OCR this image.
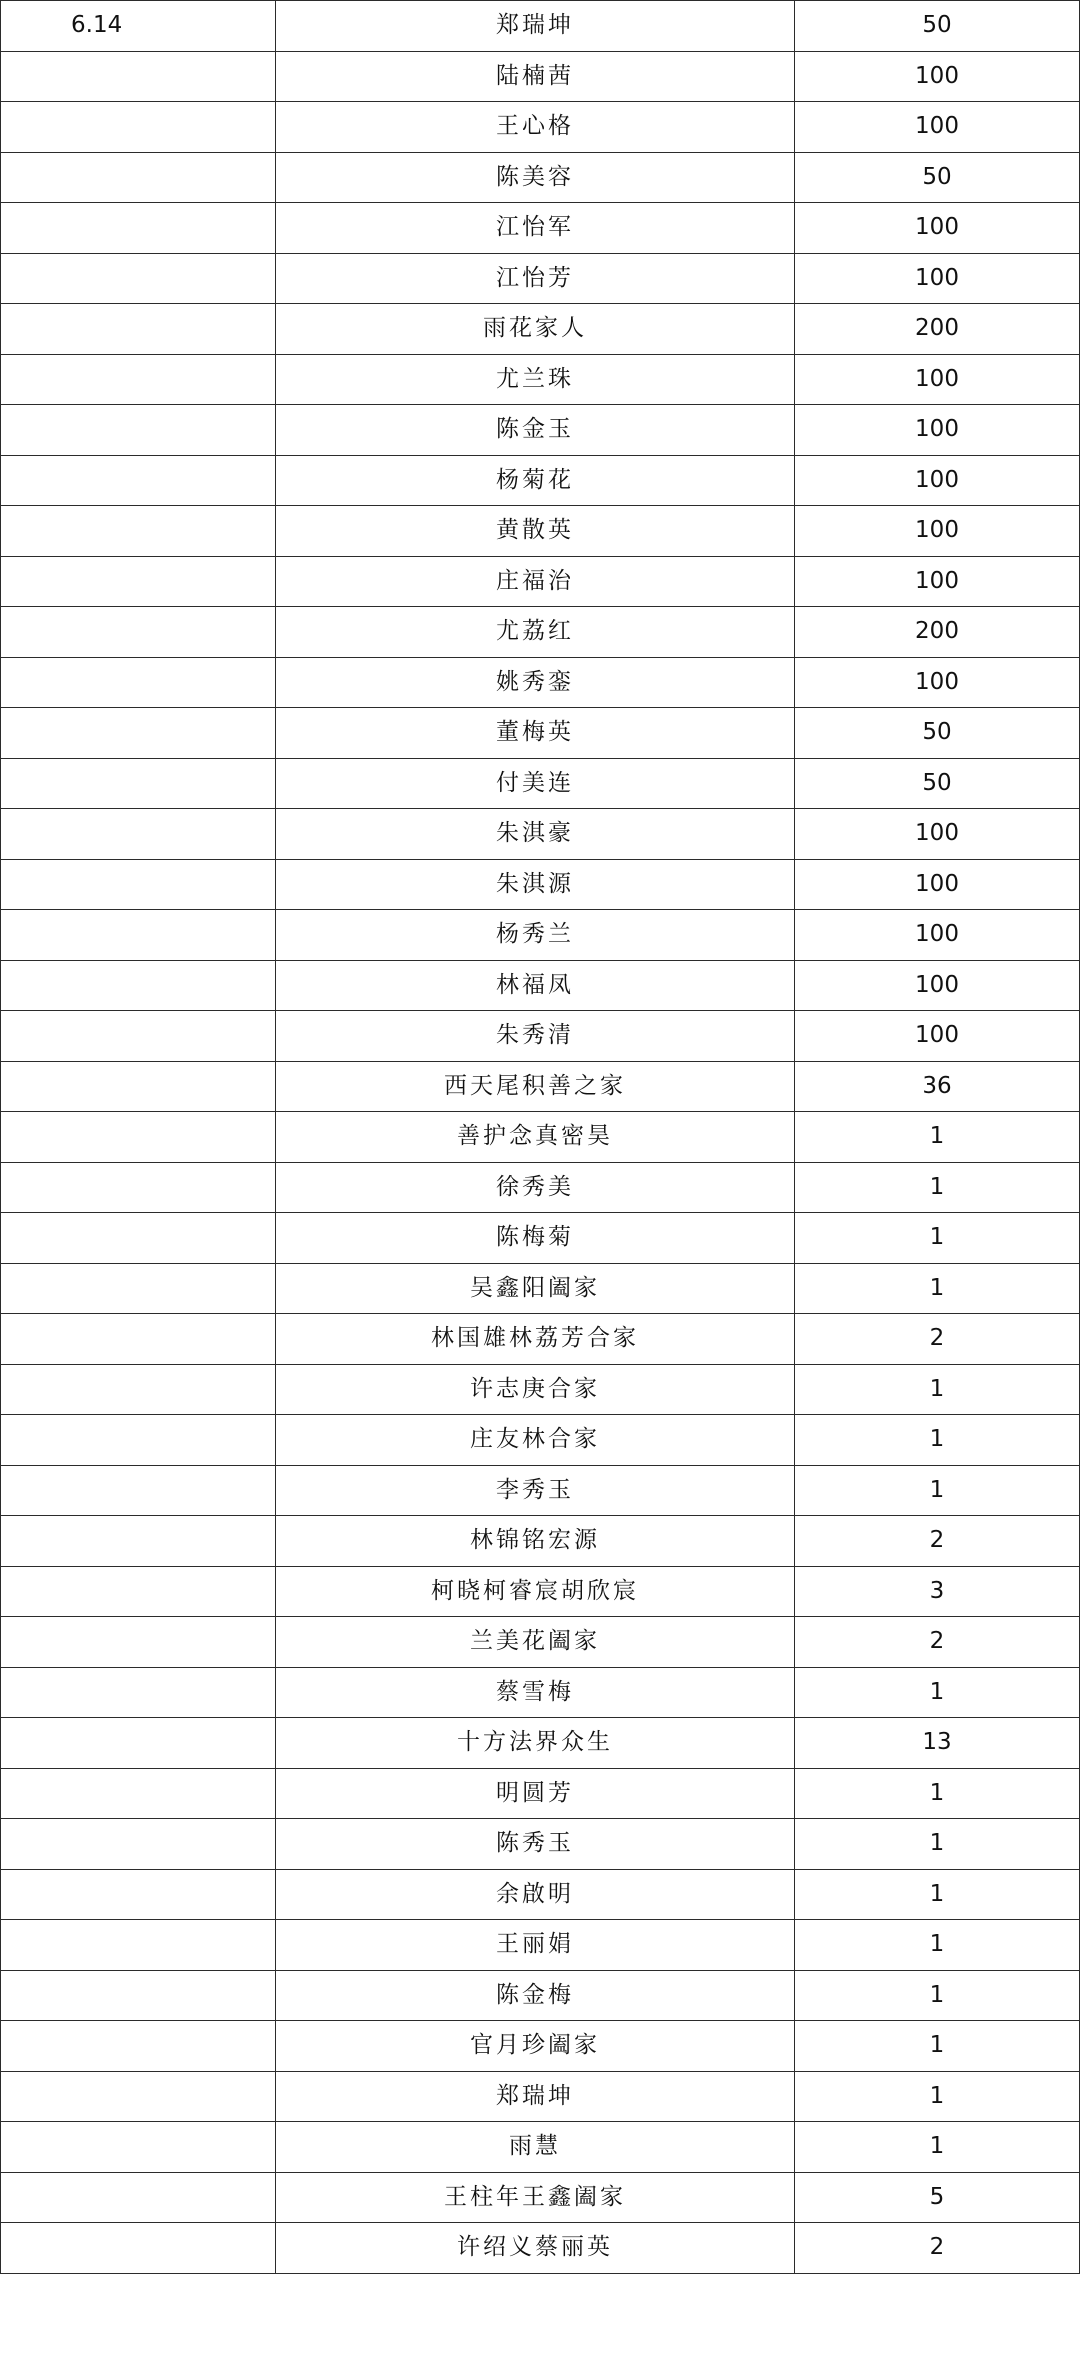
6.14	郑瑞坤	50
	陆楠茜	100
	王心格	100
	陈美容	50
	江怡军	100
	江怡芳	100
	雨花家人	200
	尤兰珠	100
	陈金玉	100
	杨菊花	100
	黄散英	100
	庄福治	100
	尤荔红	200
	姚秀銮	100
	董梅英	50
	付美连	50
	朱淇豪	100
	朱淇源	100
	杨秀兰	100
	林福凤	100
	朱秀清	100
	西天尾积善之家	36
	善护念真密昊	1
	徐秀美	1
	陈梅菊	1
	吴鑫阳阖家	1
	林国雄林荔芳合家	2
	许志庚合家	1
	庄友林合家	1
	李秀玉	1
	林锦铭宏源	2
	柯晓柯睿宸胡欣宸	3
	兰美花阖家	2
	蔡雪梅	1
	十方法界众生	13
	明圆芳	1
	陈秀玉	1
	余啟明	1
	王丽娟	1
	陈金梅	1
	官月珍阖家	1
	郑瑞坤	1
	雨慧	1
	王柱年王鑫阖家	5
	许绍义蔡丽英	2
